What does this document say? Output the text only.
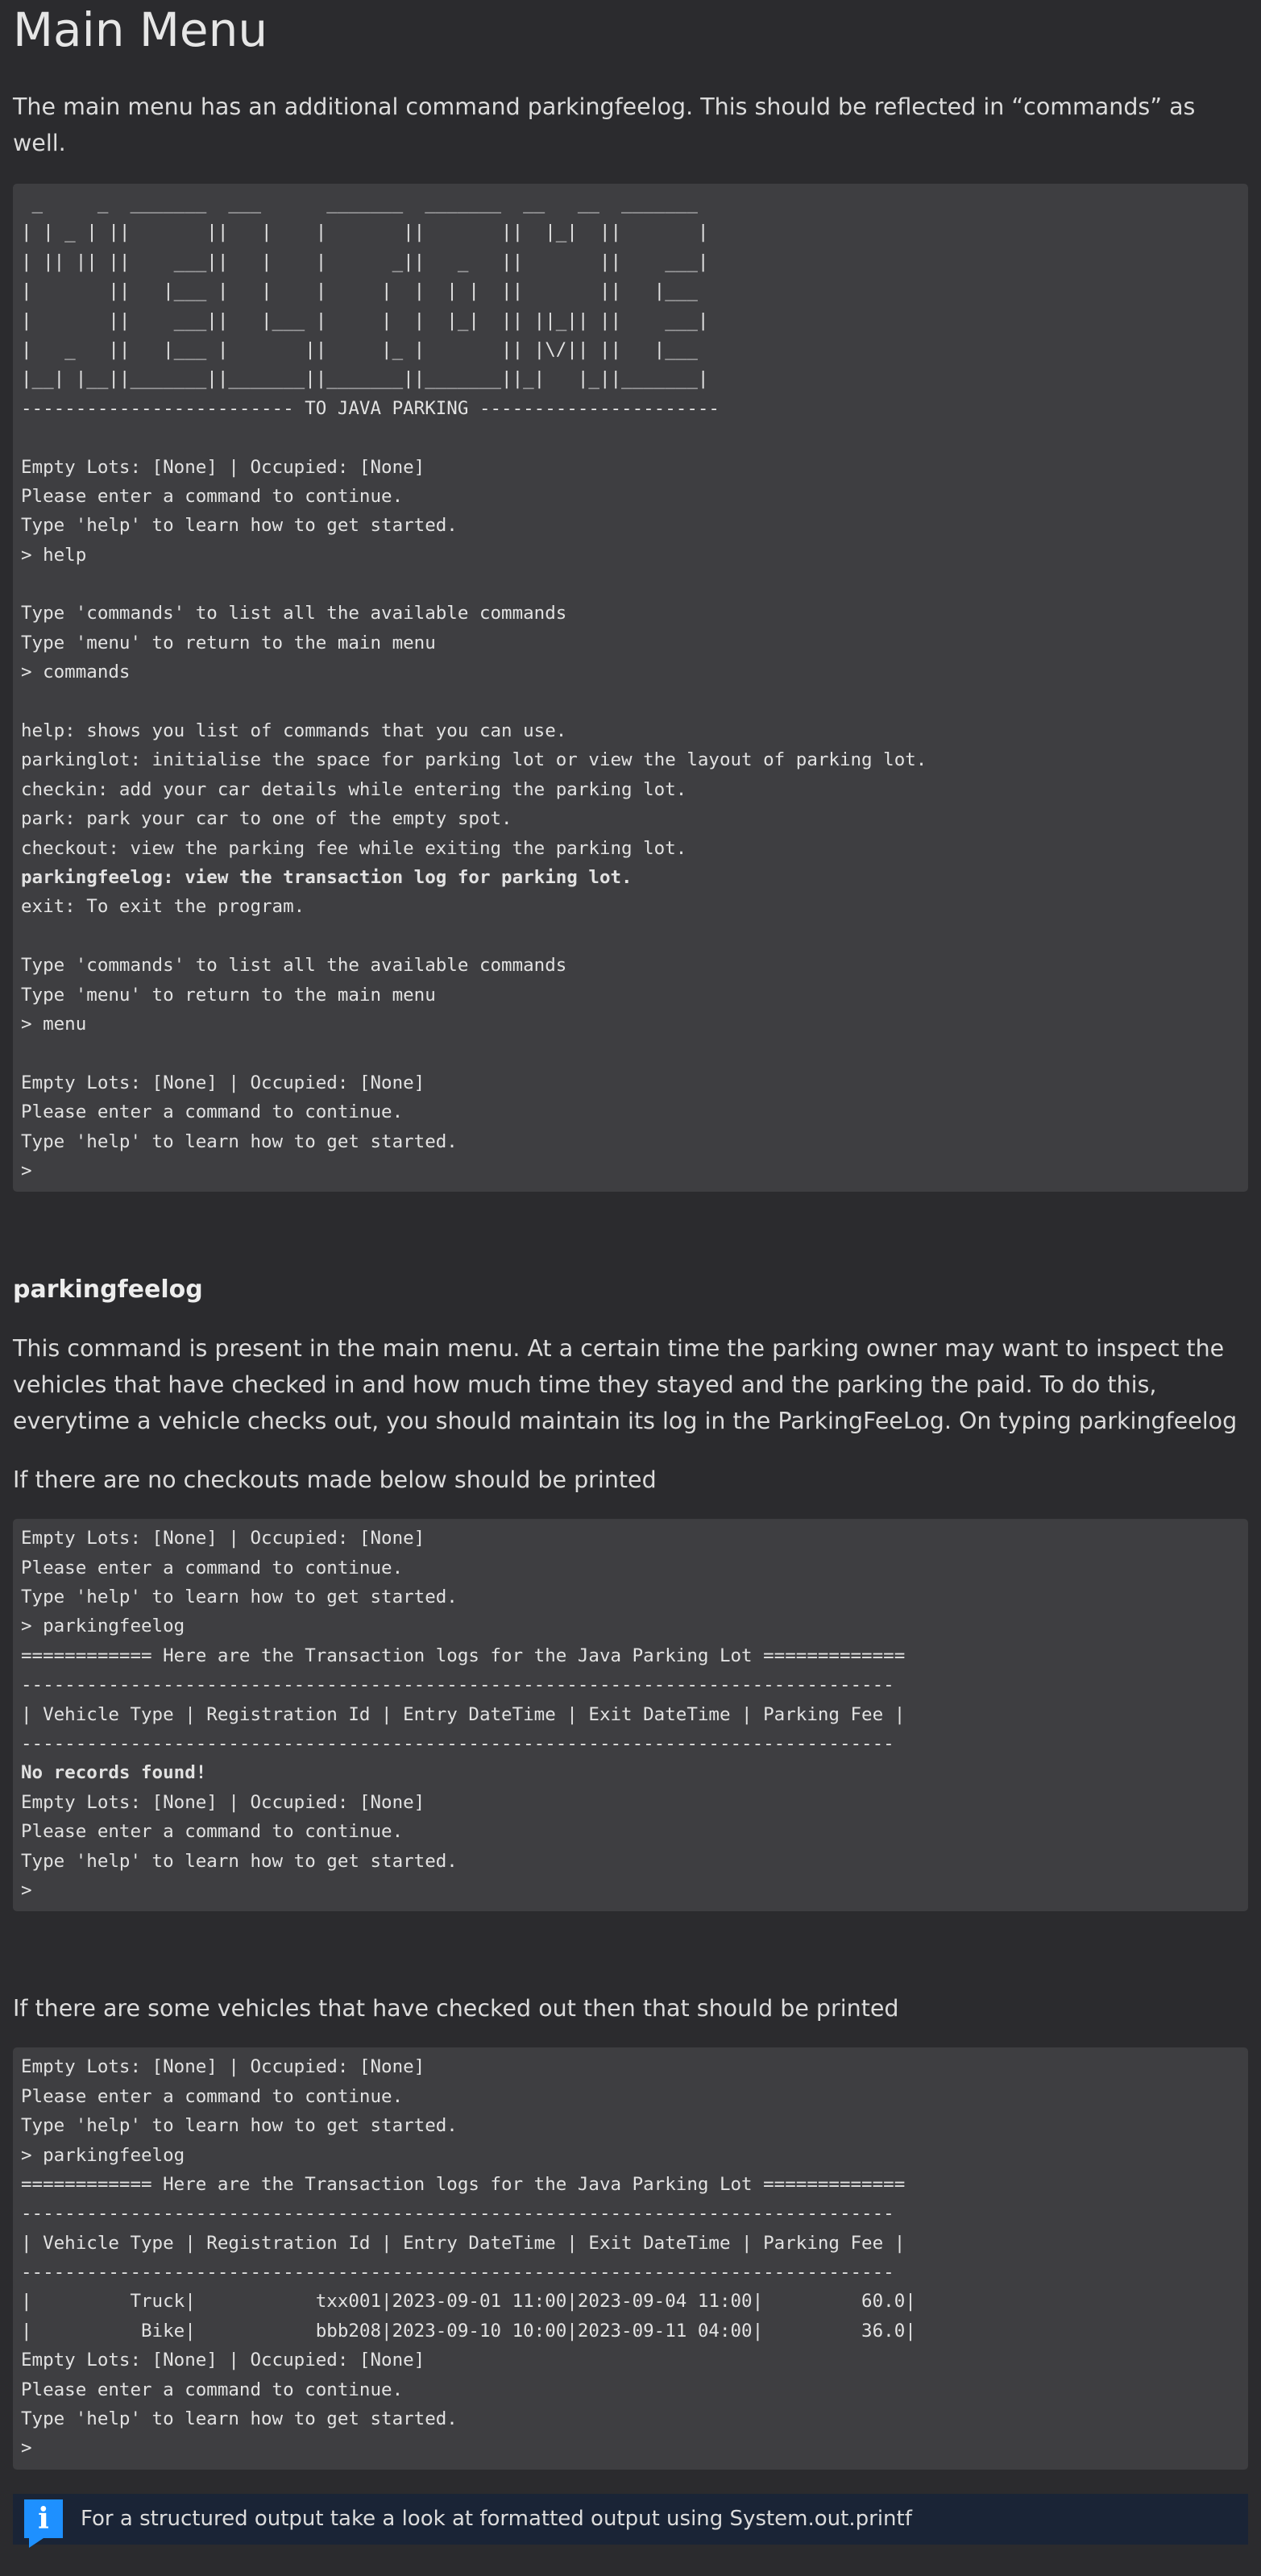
Main Menu

The main menu has an additional command parkingfeelog. This should be reflected in “commands” as well.

_     _  _______  ___      _______  _______  __   __  _______
| | _ | ||       ||   |    |       ||       ||  |_|  ||       |
| || || ||    ___||   |    |      _||   _   ||       ||    ___|
|       ||   |___ |   |    |     |  |  | |  ||       ||   |___
|       ||    ___||   |___ |     |  |  |_|  || ||_|| ||    ___|
|   _   ||   |___ |       ||     |_ |       || |\/|| ||   |___
|__| |__||_______||_______||_______||_______||_|   |_||_______|
------------------------- TO JAVA PARKING ----------------------

Empty Lots: [None] | Occupied: [None]
Please enter a command to continue.
Type 'help' to learn how to get started.
> help

Type 'commands' to list all the available commands
Type 'menu' to return to the main menu
> commands

help: shows you list of commands that you can use.
parkinglot: initialise the space for parking lot or view the layout of parking lot.
checkin: add your car details while entering the parking lot.
park: park your car to one of the empty spot.
checkout: view the parking fee while exiting the parking lot.
parkingfeelog: view the transaction log for parking lot.
exit: To exit the program.

Type 'commands' to list all the available commands
Type 'menu' to return to the main menu
> menu

Empty Lots: [None] | Occupied: [None]
Please enter a command to continue.
Type 'help' to learn how to get started.
>
parkingfeelog

This command is present in the main menu. At a certain time the parking owner may want to inspect the vehicles that have checked in and how much time they stayed and the parking the paid. To do this, everytime a vehicle checks out, you should maintain its log in the ParkingFeeLog. On typing parkingfeelog

If there are no checkouts made below should be printed

Empty Lots: [None] | Occupied: [None]
Please enter a command to continue.
Type 'help' to learn how to get started.
> parkingfeelog
============ Here are the Transaction logs for the Java Parking Lot =============
--------------------------------------------------------------------------------
| Vehicle Type | Registration Id | Entry DateTime | Exit DateTime | Parking Fee |
--------------------------------------------------------------------------------
No records found!
Empty Lots: [None] | Occupied: [None]
Please enter a command to continue.
Type 'help' to learn how to get started.
>

If there are some vehicles that have checked out then that should be printed

Empty Lots: [None] | Occupied: [None]
Please enter a command to continue.
Type 'help' to learn how to get started.
> parkingfeelog
============ Here are the Transaction logs for the Java Parking Lot =============
--------------------------------------------------------------------------------
| Vehicle Type | Registration Id | Entry DateTime | Exit DateTime | Parking Fee |
--------------------------------------------------------------------------------
|         Truck|           txx001|2023-09-01 11:00|2023-09-04 11:00|         60.0|
|          Bike|           bbb208|2023-09-10 10:00|2023-09-11 04:00|         36.0|
Empty Lots: [None] | Occupied: [None]
Please enter a command to continue.
Type 'help' to learn how to get started.
>
i	For a structured output take a look at formatted output using System.out.printf
